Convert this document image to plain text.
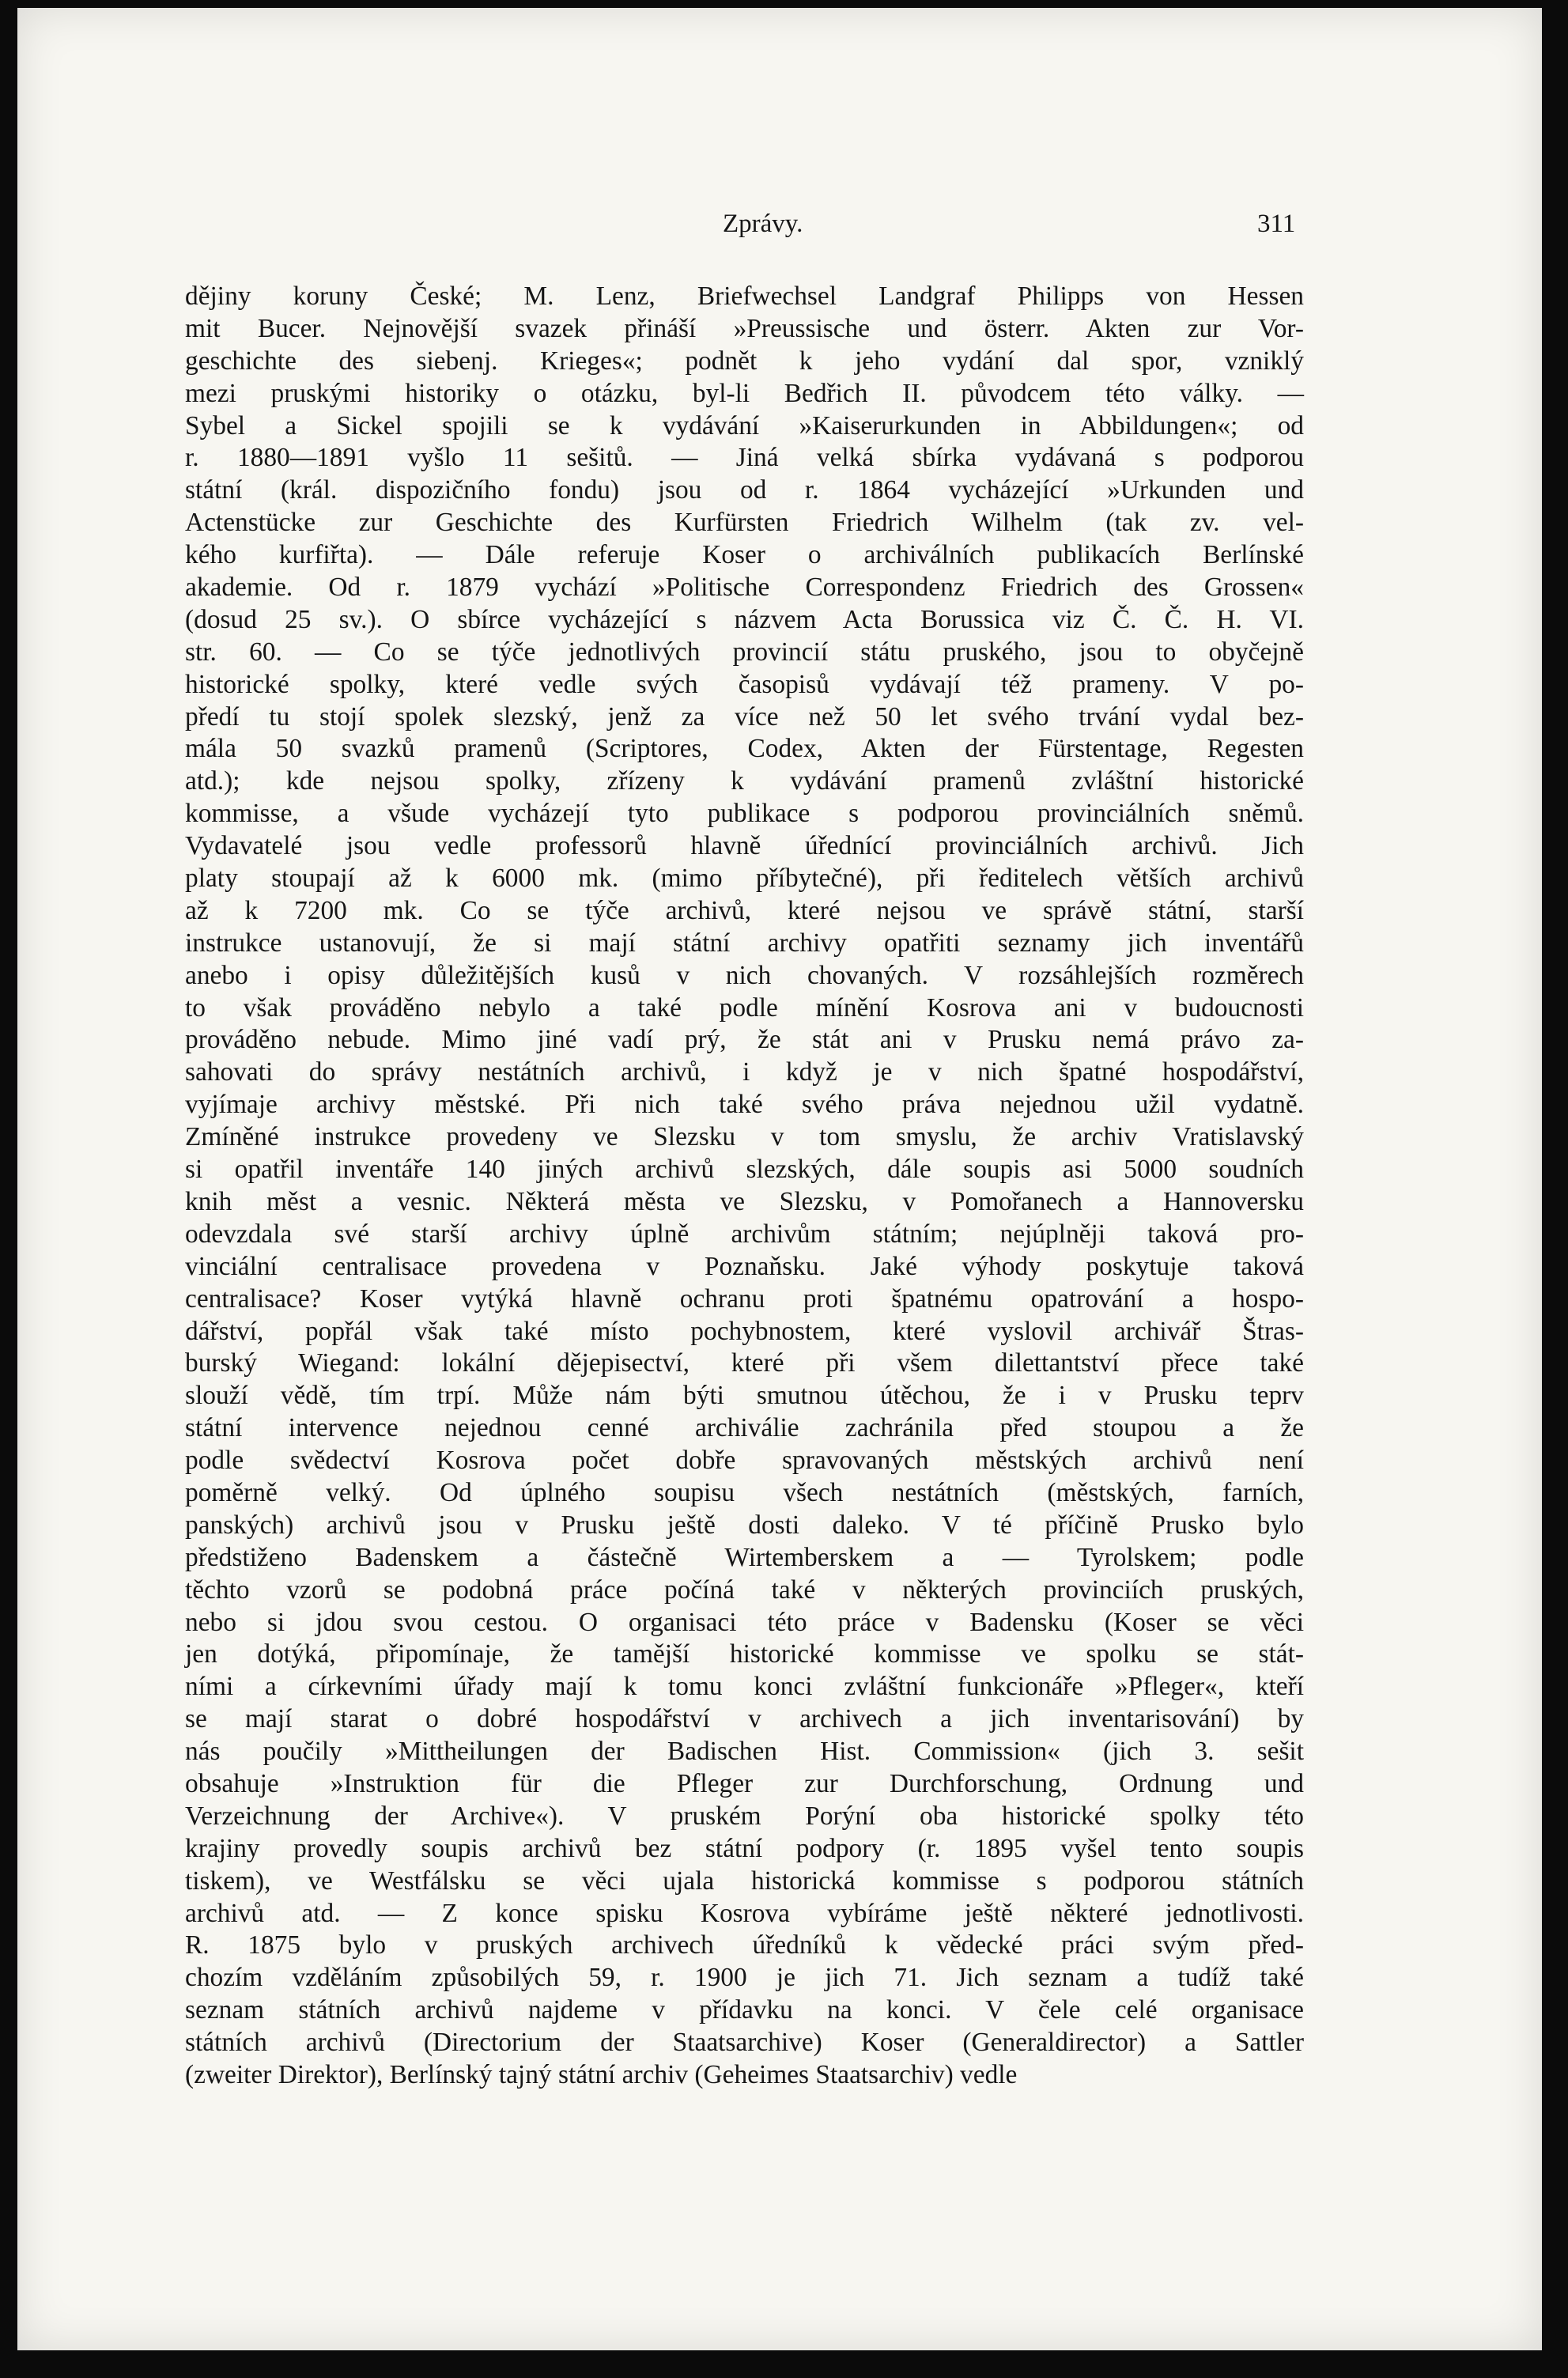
Zprávy.	311
dějiny koruny České; M. Lenz, Briefwechsel Landgraf Philipps von Hessen
mit Bucer. Nejnovější svazek přináší »Preussische und österr. Akten zur Vor-
geschichte des siebenj. Krieges«; podnět k jeho vydání dal spor, vzniklý
mezi pruskými historiky o otázku, byl-li Bedřich II. původcem této války. —
Sybel a Sickel spojili se k vydávání »Kaiserurkunden in Abbildungen«; od
r. 1880—1891 vyšlo 11 sešitů. — Jiná velká sbírka vydávaná s podporou
státní (král. dispozičního fondu) jsou od r. 1864 vycházející »Urkunden und
Actenstücke zur Geschichte des Kurfürsten Friedrich Wilhelm (tak zv. vel-
kého kurfiřta). — Dále referuje Koser o archiválních publikacích Berlínské
akademie. Od r. 1879 vychází »Politische Correspondenz Friedrich des Grossen«
(dosud 25 sv.). O sbírce vycházející s názvem Acta Borussica viz Č. Č. H. VI.
str. 60. — Co se týče jednotlivých provincií státu pruského, jsou to obyčejně
historické spolky, které vedle svých časopisů vydávají též prameny. V po-
předí tu stojí spolek slezský, jenž za více než 50 let svého trvání vydal bez-
mála 50 svazků pramenů (Scriptores, Codex, Akten der Fürstentage, Regesten
atd.); kde nejsou spolky, zřízeny k vydávání pramenů zvláštní historické
kommisse, a všude vycházejí tyto publikace s podporou provinciálních sněmů.
Vydavatelé jsou vedle professorů hlavně úřednící provinciálních archivů. Jich
platy stoupají až k 6000 mk. (mimo příbytečné), při ředitelech větších archivů
až k 7200 mk. Co se týče archivů, které nejsou ve správě státní, starší
instrukce ustanovují, že si mají státní archivy opatřiti seznamy jich inventářů
anebo i opisy důležitějších kusů v nich chovaných. V rozsáhlejších rozměrech
to však prováděno nebylo a také podle mínění Kosrova ani v budoucnosti
prováděno nebude. Mimo jiné vadí prý, že stát ani v Prusku nemá právo za-
sahovati do správy nestátních archivů, i když je v nich špatné hospodářství,
vyjímaje archivy městské. Při nich také svého práva nejednou užil vydatně.
Zmíněné instrukce provedeny ve Slezsku v tom smyslu, že archiv Vratislavský
si opatřil inventáře 140 jiných archivů slezských, dále soupis asi 5000 soudních
knih měst a vesnic. Některá města ve Slezsku, v Pomořanech a Hannoversku
odevzdala své starší archivy úplně archivům státním; nejúplněji taková pro-
vinciální centralisace provedena v Poznaňsku. Jaké výhody poskytuje taková
centralisace? Koser vytýká hlavně ochranu proti špatnému opatrování a hospo-
dářství, popřál však také místo pochybnostem, které vyslovil archivář Štras-
burský Wiegand: lokální dějepisectví, které při všem dilettantství přece také
slouží vědě, tím trpí. Může nám býti smutnou útěchou, že i v Prusku teprv
státní intervence nejednou cenné archiválie zachránila před stoupou a že
podle svědectví Kosrova počet dobře spravovaných městských archivů není
poměrně velký. Od úplného soupisu všech nestátních (městských, farních,
panských) archivů jsou v Prusku ještě dosti daleko. V té příčině Prusko bylo
předstiženo Badenskem a částečně Wirtemberskem a — Tyrolskem; podle
těchto vzorů se podobná práce počíná také v některých provinciích pruských,
nebo si jdou svou cestou. O organisaci této práce v Badensku (Koser se věci
jen dotýká, připomínaje, že tamější historické kommisse ve spolku se stát-
ními a církevními úřady mají k tomu konci zvláštní funkcionáře »Pfleger«, kteří
se mají starat o dobré hospodářství v archivech a jich inventarisování) by
nás poučily »Mittheilungen der Badischen Hist. Commission« (jich 3. sešit
obsahuje »Instruktion für die Pfleger zur Durchforschung, Ordnung und
Verzeichnung der Archive«). V pruském Porýní oba historické spolky této
krajiny provedly soupis archivů bez státní podpory (r. 1895 vyšel tento soupis
tiskem), ve Westfálsku se věci ujala historická kommisse s podporou státních
archivů atd. — Z konce spisku Kosrova vybíráme ještě některé jednotlivosti.
R. 1875 bylo v pruských archivech úředníků k vědecké práci svým před-
chozím vzděláním způsobilých 59, r. 1900 je jich 71. Jich seznam a tudíž také
seznam státních archivů najdeme v přídavku na konci. V čele celé organisace
státních archivů (Directorium der Staatsarchive) Koser (Generaldirector) a Sattler
(zweiter Direktor), Berlínský tajný státní archiv (Geheimes Staatsarchiv) vedle
